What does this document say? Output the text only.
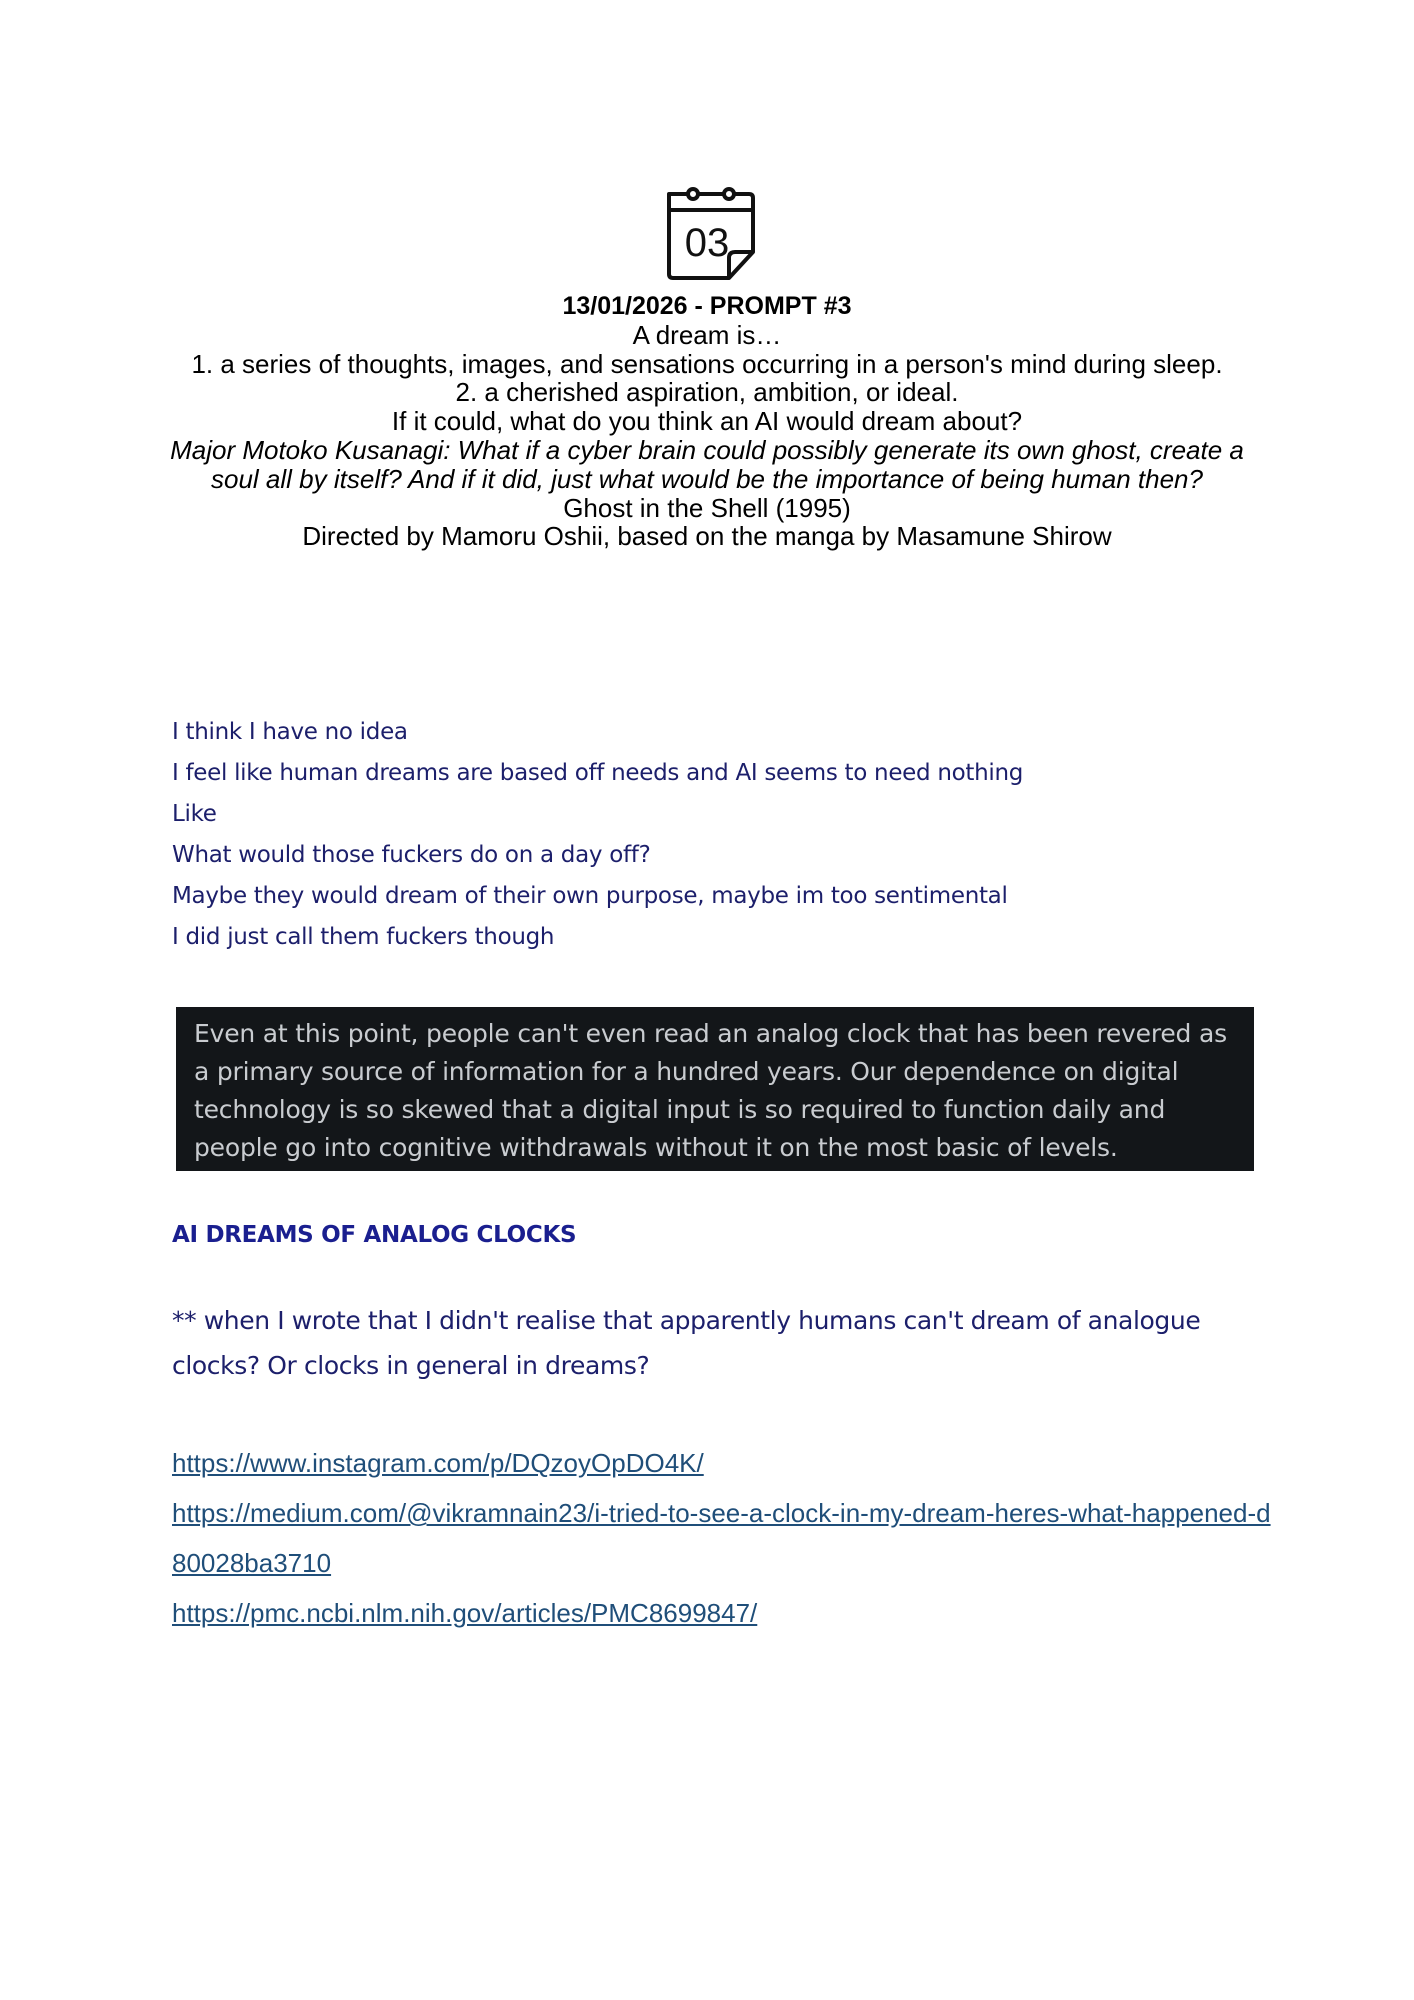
03

13/01/2026 - PROMPT #3

A dream is…

1. a series of thoughts, images, and sensations occurring in a person's mind during sleep.

2. a cherished aspiration, ambition, or ideal.

If it could, what do you think an AI would dream about?

Major Motoko Kusanagi: What if a cyber brain could possibly generate its own ghost, create a soul all by itself? And if it did, just what would be the importance of being human then?

Ghost in the Shell (1995)

Directed by Mamoru Oshii, based on the manga by Masamune Shirow

I think I have no idea

I feel like human dreams are based off needs and AI seems to need nothing

Like

What would those fuckers do on a day off?

Maybe they would dream of their own purpose, maybe im too sentimental

I did just call them fuckers though

Even at this point, people can't even read an analog clock that has been revered as a primary source of information for a hundred years. Our dependence on digital technology is so skewed that a digital input is so required to function daily and people go into cognitive withdrawals without it on the most basic of levels.
AI DREAMS OF ANALOG CLOCKS
** when I wrote that I didn't realise that apparently humans can't dream of analogue clocks? Or clocks in general in dreams?
https://www.instagram.com/p/DQzoyOpDO4K/
https://medium.com/@vikramnain23/i-tried-to-see-a-clock-in-my-dream-heres-what-happened-d80028ba3710
https://pmc.ncbi.nlm.nih.gov/articles/PMC8699847/
